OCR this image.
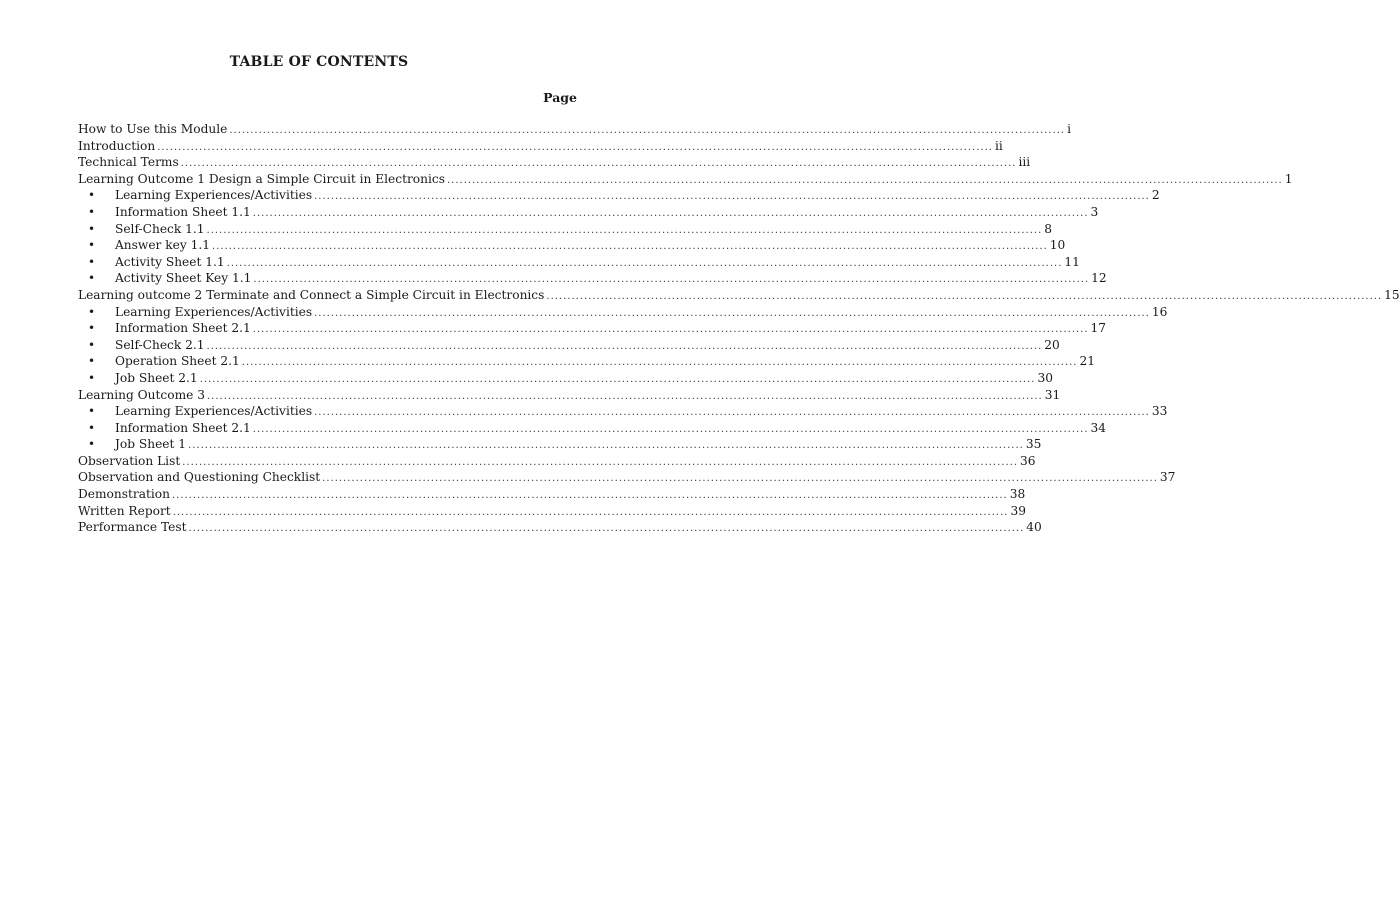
TABLE OF CONTENTS
Page
How to Use this Module ........................................................................................................................................................................................................ i
Introduction ........................................................................................................................................................................................................ ii
Technical Terms ........................................................................................................................................................................................................ iii
Learning Outcome 1 Design a Simple Circuit in Electronics ........................................................................................................................................................................................................ 1
•	Learning Experiences/Activities ........................................................................................................................................................................................................ 2
•	Information Sheet 1.1 ........................................................................................................................................................................................................ 3
•	Self-Check 1.1 ........................................................................................................................................................................................................ 8
•	Answer key 1.1 ........................................................................................................................................................................................................ 10
•	Activity Sheet 1.1 ........................................................................................................................................................................................................ 11
•	Activity Sheet Key 1.1 ........................................................................................................................................................................................................ 12
Learning outcome 2 Terminate and Connect a Simple Circuit in Electronics ........................................................................................................................................................................................................ 15
•	Learning Experiences/Activities ........................................................................................................................................................................................................ 16
•	Information Sheet 2.1 ........................................................................................................................................................................................................ 17
•	Self-Check 2.1 ........................................................................................................................................................................................................ 20
•	Operation Sheet 2.1 ........................................................................................................................................................................................................ 21
•	Job Sheet 2.1 ........................................................................................................................................................................................................ 30
Learning Outcome 3 ........................................................................................................................................................................................................ 31
•	Learning Experiences/Activities ........................................................................................................................................................................................................ 33
•	Information Sheet 2.1 ........................................................................................................................................................................................................ 34
•	Job Sheet 1 ........................................................................................................................................................................................................ 35
Observation List ........................................................................................................................................................................................................ 36
Observation and Questioning Checklist ........................................................................................................................................................................................................ 37
Demonstration ........................................................................................................................................................................................................ 38
Written Report ........................................................................................................................................................................................................ 39
Performance Test ........................................................................................................................................................................................................ 40
